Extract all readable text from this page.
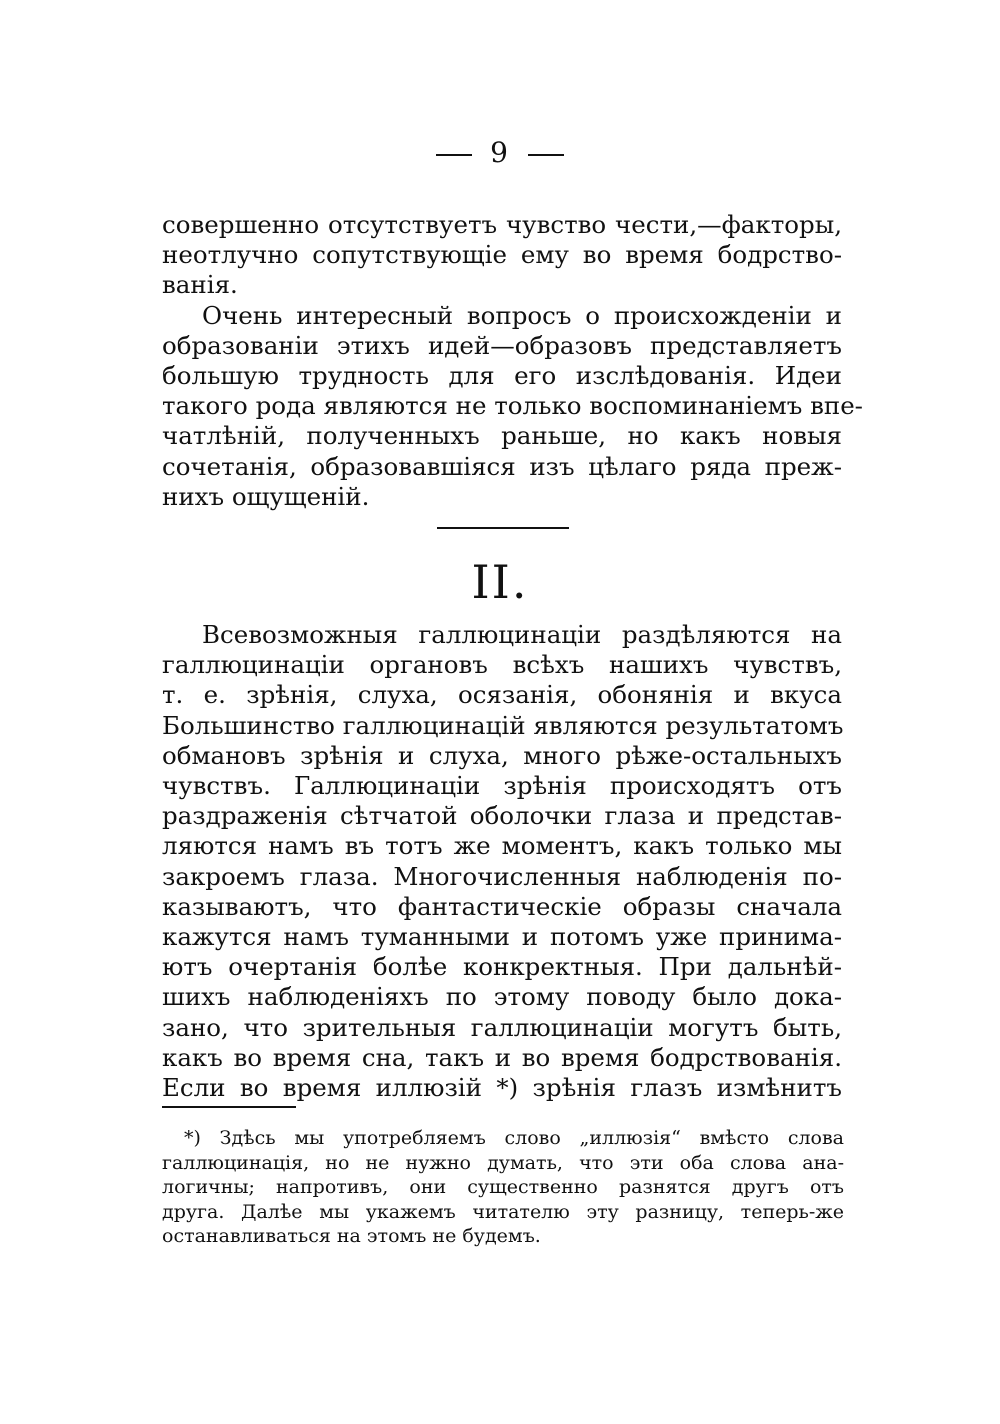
9
совершенно отсутствуетъ чувство чести,—факторы,
неотлучно сопутствующіе ему во время бодрство-
ванія.
Очень интересный вопросъ о происхожденіи и
образованіи этихъ идей—образовъ представляетъ
большую трудность для его изслѣдованія. Идеи
такого рода являются не только воспоминаніемъ впе-
чатлѣній, полученныхъ раньше, но какъ новыя
сочетанія, образовавшіяся изъ цѣлаго ряда преж-
нихъ ощущеній.
II.
Всевозможныя галлюцинаціи раздѣляются на
галлюцинаціи органовъ всѣхъ нашихъ чувствъ,
т. е. зрѣнія, слуха, осязанія, обонянія и вкуса
Большинство галлюцинацій являются результатомъ
обмановъ зрѣнія и слуха, много рѣже-остальныхъ
чувствъ. Галлюцинаціи зрѣнія происходятъ отъ
раздраженія сѣтчатой оболочки глаза и представ-
ляются намъ въ тотъ же моментъ, какъ только мы
закроемъ глаза. Многочисленныя наблюденія по-
казываютъ, что фантастическіе образы сначала
кажутся намъ туманными и потомъ уже принима-
ютъ очертанія болѣе конкректныя. При дальнѣй-
шихъ наблюденіяхъ по этому поводу было дока-
зано, что зрительныя галлюцинаціи могутъ быть,
какъ во время сна, такъ и во время бодрствованія.
Если во время иллюзій *) зрѣнія глазъ измѣнитъ
*) Здѣсь мы употребляемъ слово „иллюзія“ вмѣсто слова
галлюцинація, но не нужно думать, что эти оба слова ана-
логичны; напротивъ, они существенно разнятся другъ отъ
друга. Далѣе мы укажемъ читателю эту разницу, теперь-же
останавливаться на этомъ не будемъ.
